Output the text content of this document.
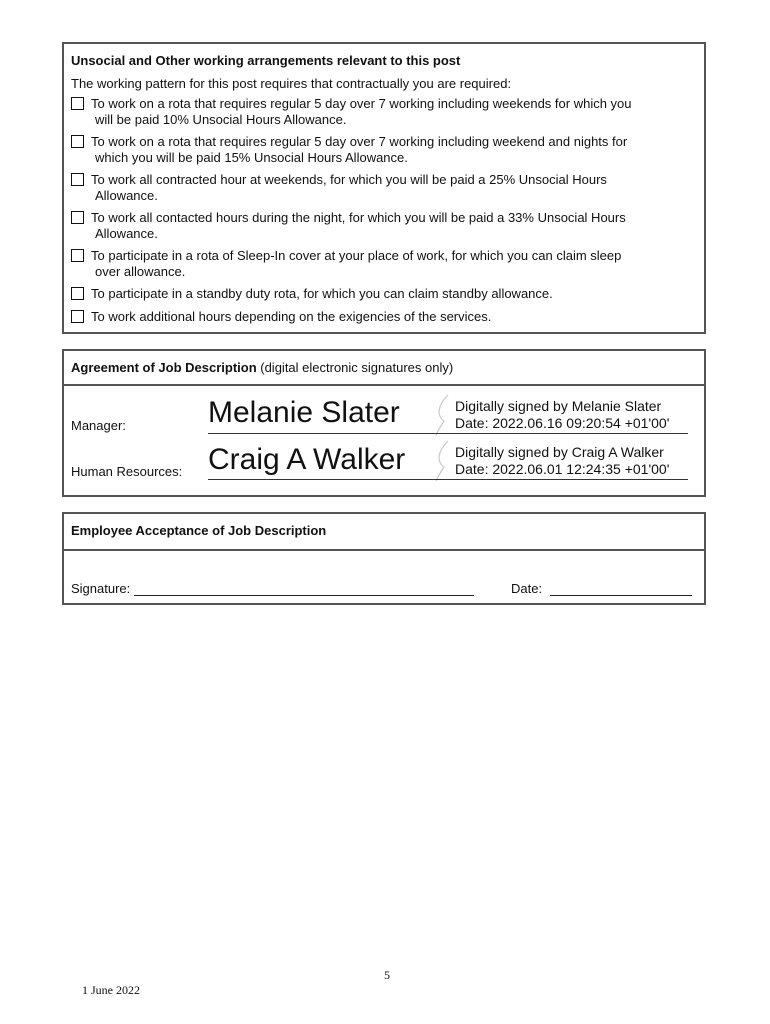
Unsocial and Other working arrangements relevant to this post
The working pattern for this post requires that contractually you are required:
To work on a rota that requires regular 5 day over 7 working including weekends for which you
will be paid 10% Unsocial Hours Allowance.
To work on a rota that requires regular 5 day over 7 working including weekend and nights for
which you will be paid 15% Unsocial Hours Allowance.
To work all contracted hour at weekends, for which you will be paid a 25% Unsocial Hours
Allowance.
To work all contacted hours during the night, for which you will be paid a 33% Unsocial Hours
Allowance.
To participate in a rota of Sleep-In cover at your place of work, for which you can claim sleep
over allowance.
To participate in a standby duty rota, for which you can claim standby allowance.
To work additional hours depending on the exigencies of the services.
Agreement of Job Description (digital electronic signatures only)
Manager:	Melanie Slater	Digitally signed by Melanie Slater
Date: 2022.06.16 09:20:54 +01'00'
Human Resources: Craig A Walker	Digitally signed by Craig A Walker
Date: 2022.06.01 12:24:35 +01'00'
Employee Acceptance of Job Description
Signature:	Date:
5
1 June 2022
